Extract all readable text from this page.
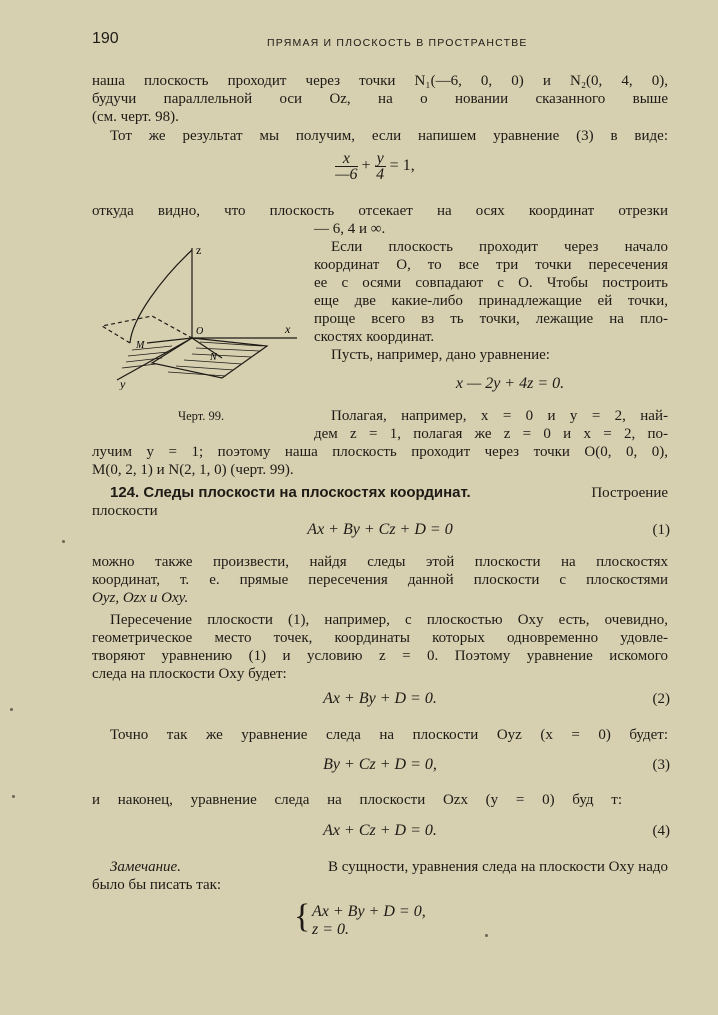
190	ПРЯМАЯ И ПЛОСКОСТЬ В ПРОСТРАНСТВЕ
наша плоскость проходит через точки N₁(—6, 0, 0) и N₂(0, 4, 0),
будучи параллельной оси Oz, на о новании сказанного выше
(см. черт. 98).
Тот же результат мы получим, если напишем уравнение (3) в виде:
$\frac{x}{—6} + \frac{y}{4} = 1$,
откуда видно, что плоскость отсекает на осях координат отрезки
— 6, 4 и ∞.
Если плоскость проходит через начало
координат O, то все три точки пересечения
ее с осями совпадают с O. Чтобы построить
еще две какие-либо принадлежащие ей точки,
проще всего вз ть точки, лежащие на пло-
скостях координат.
Пусть, например, дано уравнение:
x — 2y + 4z = 0.
z
x
y
O
M
N
Черт. 99.	Полагая, например, x = 0 и y = 2, най-
дем z = 1, полагая же z = 0 и x = 2, по-
лучим y = 1; поэтому наша плоскость проходит через точки O(0, 0, 0),
M(0, 2, 1) и N(2, 1, 0) (черт. 99).
124. Следы плоскости на плоскостях координат.	Построение
плоскости
Ax + By + Cz + D = 0	(1)
можно также произвести, найдя следы этой плоскости на плоскостях
координат, т. е. прямые пересечения данной плоскости с плоскостями
Oyz, Ozx и Oxy.
Пересечение плоскости (1), например, с плоскостью Oxy есть, очевидно,
геометрическое место точек, координаты которых одновременно удовле-
творяют уравнению (1) и условию z = 0. Поэтому уравнение искомого
следа на плоскости Oxy будет:
Ax + By + D = 0.	(2)
Точно так же уравнение следа на плоскости Oyz (x = 0) будет:
By + Cz + D = 0,	(3)
и наконец, уравнение следа на плоскости Ozx (y = 0) буд т:
Ax + Cz + D = 0.	(4)
Замечание.	В сущности, уравнения следа на плоскости Oxy надо
было бы писать так:
{ Ax + By + D = 0,
z = 0.
